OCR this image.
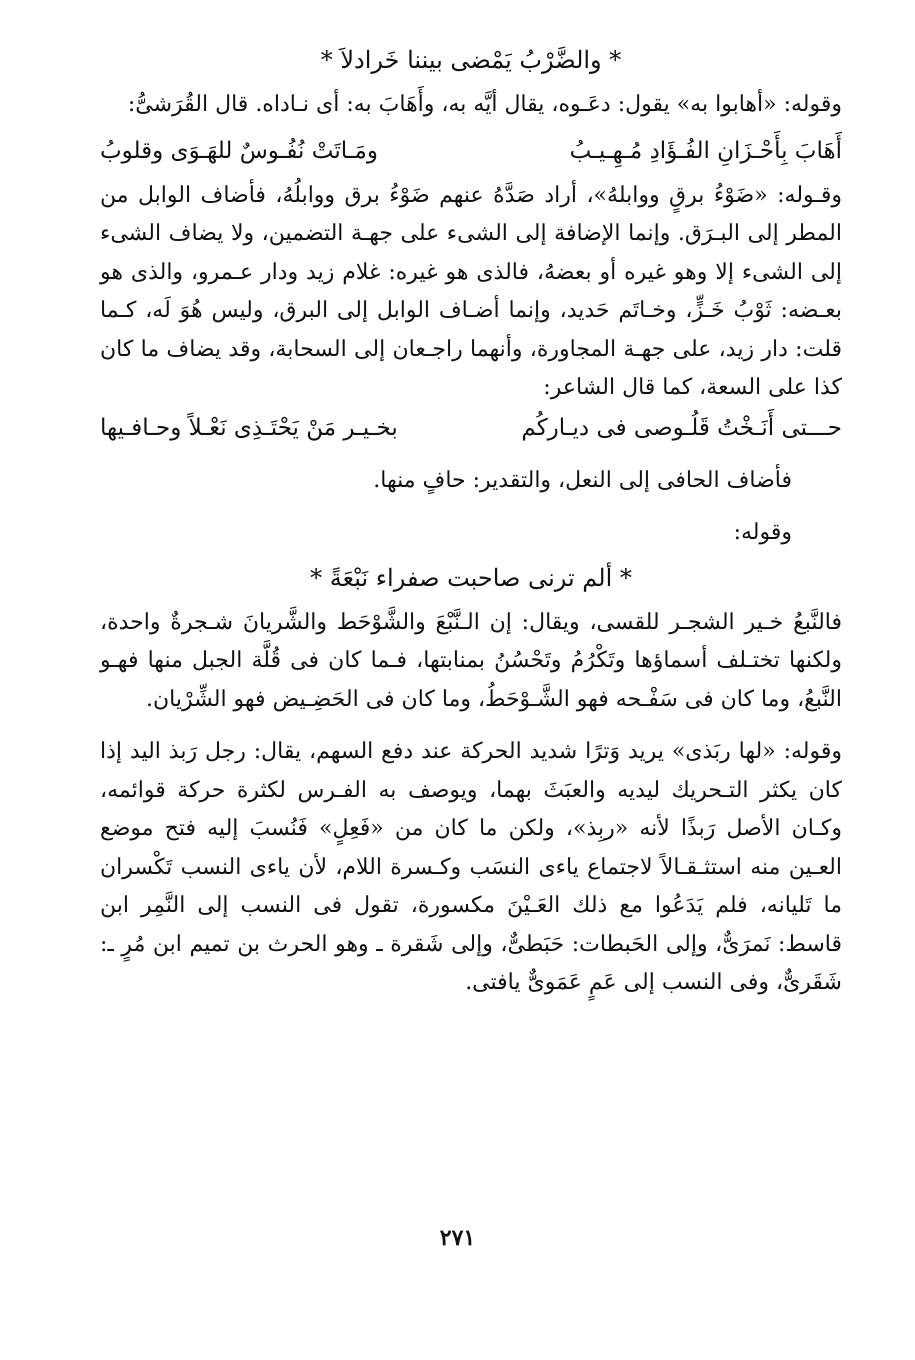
* والضَّرْبُ يَمْضى بيننا خَرادلاَ *

وقوله: «أهابوا به» يقول: دعَـوه، يقال أيَّه به، وأَهَابَ به: أى نـاداه. قال القُرَشىُّ:

أَهَابَ بِأَحْـزَانِ الفُـؤَادِ مُـهِـيـبُ
ومَـاتَتْ نُفُـوسٌ للهَـوَى وقلوبُ

وقـوله: «ضَوْءُ برقٍ ووابلهُ»، أراد صَدَّهُ عنهم ضَوْءُ برق ووابلُهُ، فأضاف الوابل من المطر إلى البـرَق. وإنما الإضافة إلى الشىء على جهـة التضمين، ولا يضاف الشىء إلى الشىء إلا وهو غيره أو بعضهُ، فالذى هو غيره: غلام زيد ودار عـمرو، والذى هو بعـضه: ثَوْبُ خَـزٍّ، وخـاتَم حَديد، وإنما أضـاف الوابل إلى البرق، وليس هُوَ لَه، كـما قلت: دار زيد، على جهـة المجاورة، وأنهما راجـعان إلى السحابة، وقد يضاف ما كان كذا على السعة، كما قال الشاعر:

حـــتى أَنَـخْتُ قَلُـوصى فى ديـاركُم
بخـيـر مَنْ يَحْتَـذِى نَعْـلاً وحـافـيها
فأضاف الحافى إلى النعل، والتقدير: حافٍ منها.
وقوله:
* ألم ترنى صاحبت صفراء نَبْعَةً *

فالنَّبعُ خـير الشجـر للقسى، ويقال: إن الـنَّبْعَ والشَّوْحَط والشَّريانَ شـجرةٌ واحدة، ولكنها تختـلف أسماؤها وتَكْرُمُ وتَحْسُنُ بمنابتها، فـما كان فى قُلَّة الجبل منها فهـو النَّبعُ، وما كان فى سَفْـحه فهو الشَّـوْحَطُ، وما كان فى الحَضِـيض فهو الشِّرْيان.

وقوله: «لها ربَذى» يريد وَترًا شديد الحركة عند دفع السهم، يقال: رجل رَبذ اليد إذا كان يكثر التـحريك ليديه والعبَثَ بهما، ويوصف به الفـرس لكثرة حركة قوائمه، وكـان الأصل رَبذًا لأنه «ربِذ»، ولكن ما كان من «فَعِلٍ» فَنُسبَ إليه فتح موضع العـين منه استثـقـالاً لاجتماع ياءى النسَب وكـسرة اللام، لأن ياءى النسب تَكْسران ما تَليانه، فلم يَدَعُوا مع ذلك العَـيْنَ مكسورة، تقول فى النسب إلى النَّمِر ابن قاسط: نَمرَىٌّ، وإلى الحَبطات: حَبَطىٌّ، وإلى شَقرة ـ وهو الحرث بن تميم ابن مُرٍ ـ: شَقَرىٌّ، وفى النسب إلى عَمٍ عَمَوىٌّ يافتى.

٢٧١
